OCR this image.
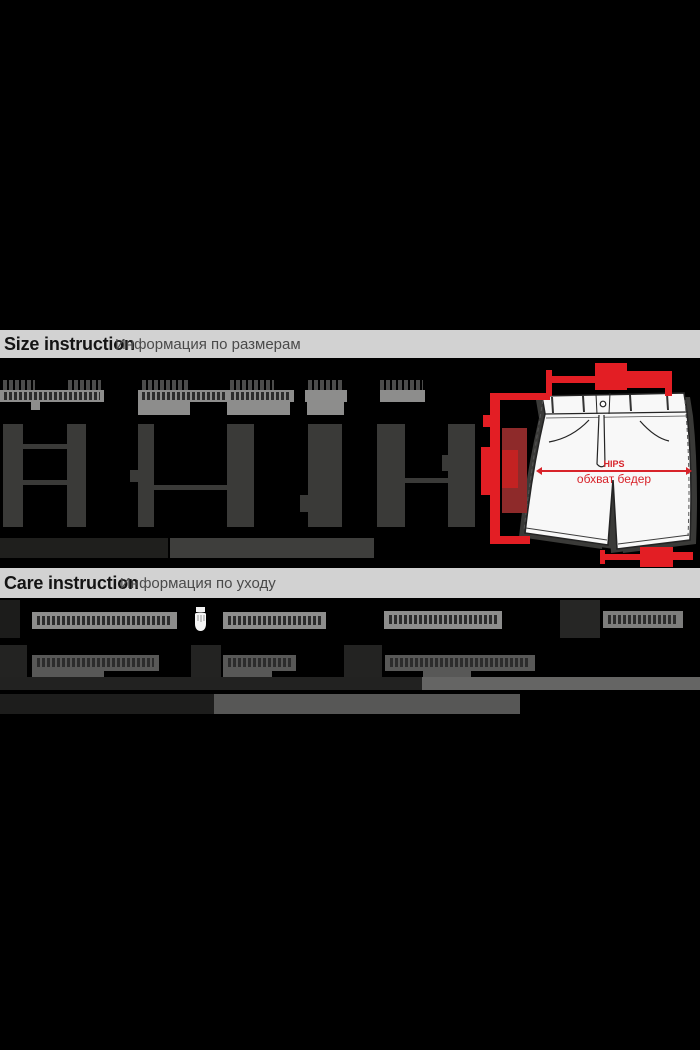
Size instruction
Информация по размерам
HIPS
обхват бедер
Care instruction
Информация по уходу
